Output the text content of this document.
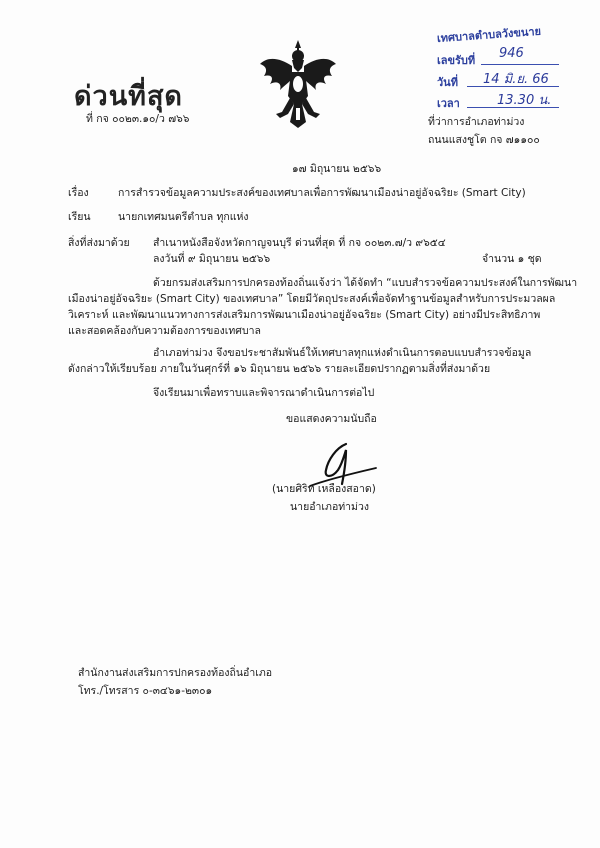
ด่วนที่สุด
ที่ กจ ๐๐๒๓.๑๐/ว ๗๖๖
เทศบาลตำบลวังขนาย
เลขรับที่ 946
วันที่ 14 มิ.ย. 66
เวลา	13.30 น.
ที่ว่าการอำเภอท่าม่วง
ถนนแสงชูโต กจ ๗๑๑๐๐
๑๗ มิถุนายน ๒๕๖๖
เรื่อง	การสำรวจข้อมูลความประสงค์ของเทศบาลเพื่อการพัฒนาเมืองน่าอยู่อัจฉริยะ (Smart City)
เรียน	นายกเทศมนตรีตำบล ทุกแห่ง
สิ่งที่ส่งมาด้วย สำเนาหนังสือจังหวัดกาญจนบุรี ด่วนที่สุด ที่ กจ ๐๐๒๓.๗/ว ๙๖๕๔
ลงวันที่ ๙ มิถุนายน ๒๕๖๖	จำนวน ๑ ชุด
ด้วยกรมส่งเสริมการปกครองท้องถิ่นแจ้งว่า ได้จัดทำ “แบบสำรวจข้อความประสงค์ในการพัฒนา
เมืองน่าอยู่อัจฉริยะ (Smart City) ของเทศบาล” โดยมีวัตถุประสงค์เพื่อจัดทำฐานข้อมูลสำหรับการประมวลผล
วิเคราะห์ และพัฒนาแนวทางการส่งเสริมการพัฒนาเมืองน่าอยู่อัจฉริยะ (Smart City) อย่างมีประสิทธิภาพ
และสอดคล้องกับความต้องการของเทศบาล
อำเภอท่าม่วง จึงขอประชาสัมพันธ์ให้เทศบาลทุกแห่งดำเนินการตอบแบบสำรวจข้อมูล
ดังกล่าวให้เรียบร้อย ภายในวันศุกร์ที่ ๑๖ มิถุนายน ๒๕๖๖ รายละเอียดปรากฏตามสิ่งที่ส่งมาด้วย
จึงเรียนมาเพื่อทราบและพิจารณาดำเนินการต่อไป
ขอแสดงความนับถือ
(นายศิริท เหลืองสอาด)
นายอำเภอท่าม่วง
สำนักงานส่งเสริมการปกครองท้องถิ่นอำเภอ
โทร./โทรสาร ๐-๓๔๖๑-๒๓๐๑
